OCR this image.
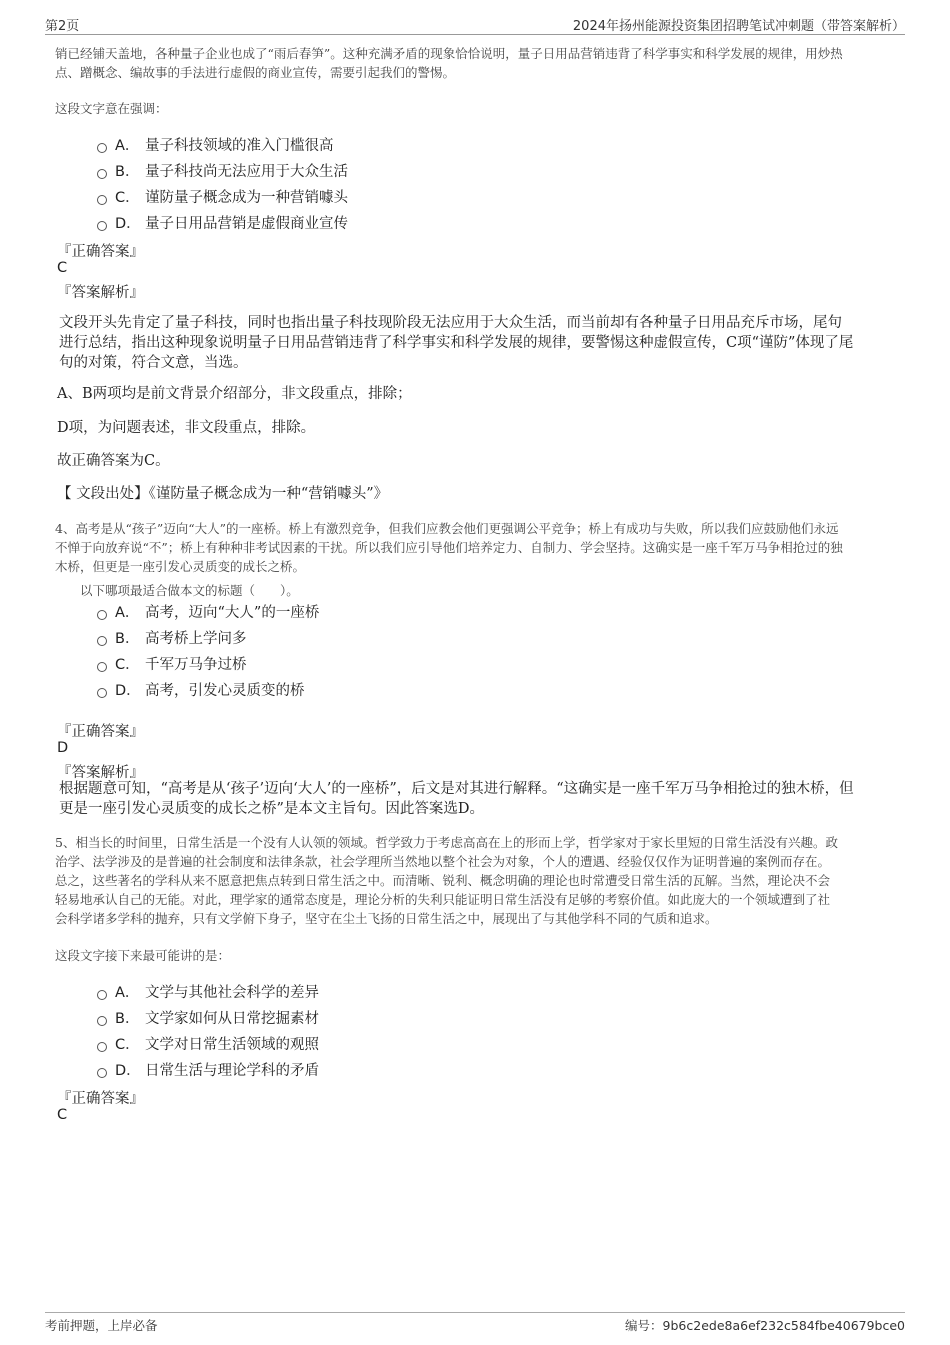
第2页	2024年扬州能源投资集团招聘笔试冲刺题（带答案解析）
销已经铺天盖地，各种量子企业也成了“雨后春笋”。这种充满矛盾的现象恰恰说明，量子日用品营销违背了科学事实和科学发展的规律，用炒热
点、蹭概念、编故事的手法进行虚假的商业宣传，需要引起我们的警惕。
这段文字意在强调：
A． 量子科技领域的准入门槛很高
B． 量子科技尚无法应用于大众生活
C． 谨防量子概念成为一种营销噱头
D． 量子日用品营销是虚假商业宣传
『正确答案』
C
『答案解析』
文段开头先肯定了量子科技，同时也指出量子科技现阶段无法应用于大众生活，而当前却有各种量子日用品充斥市场，尾句
进行总结，指出这种现象说明量子日用品营销违背了科学事实和科学发展的规律，要警惕这种虚假宣传，C项“谨防”体现了尾
句的对策，符合文意，当选。
A、B两项均是前文背景介绍部分，非文段重点，排除；
D项，为问题表述，非文段重点，排除。
故正确答案为C。
【 文段出处】《谨防量子概念成为一种“营销噱头”》
4、高考是从“孩子”迈向“大人”的一座桥。桥上有激烈竞争，但我们应教会他们更强调公平竞争；桥上有成功与失败，所以我们应鼓励他们永远
不惮于向放弃说“不”；桥上有种种非考试因素的干扰。所以我们应引导他们培养定力、自制力、学会坚持。这确实是一座千军万马争相抢过的独
木桥，但更是一座引发心灵质变的成长之桥。
以下哪项最适合做本文的标题（　　）。
A． 高考，迈向“大人”的一座桥
B． 高考桥上学问多
C． 千军万马争过桥
D． 高考，引发心灵质变的桥
『正确答案』
D
『答案解析』
根据题意可知，“高考是从‘孩子’迈向‘大人’的一座桥”，后文是对其进行解释。“这确实是一座千军万马争相抢过的独木桥，但
更是一座引发心灵质变的成长之桥”是本文主旨句。因此答案选D。
5、相当长的时间里，日常生活是一个没有人认领的领域。哲学致力于考虑高高在上的形而上学，哲学家对于家长里短的日常生活没有兴趣。政
治学、法学涉及的是普遍的社会制度和法律条款，社会学理所当然地以整个社会为对象，个人的遭遇、经验仅仅作为证明普遍的案例而存在。
总之，这些著名的学科从来不愿意把焦点转到日常生活之中。而清晰、锐利、概念明确的理论也时常遭受日常生活的瓦解。当然，理论决不会
轻易地承认自己的无能。对此，理学家的通常态度是，理论分析的失利只能证明日常生活没有足够的考察价值。如此庞大的一个领域遭到了社
会科学诸多学科的抛弃，只有文学俯下身子，坚守在尘土飞扬的日常生活之中，展现出了与其他学科不同的气质和追求。
这段文字接下来最可能讲的是：
A． 文学与其他社会科学的差异
B． 文学家如何从日常挖掘素材
C． 文学对日常生活领域的观照
D． 日常生活与理论学科的矛盾
『正确答案』
C
考前押题，上岸必备	编号：9b6c2ede8a6ef232c584fbe40679bce0
